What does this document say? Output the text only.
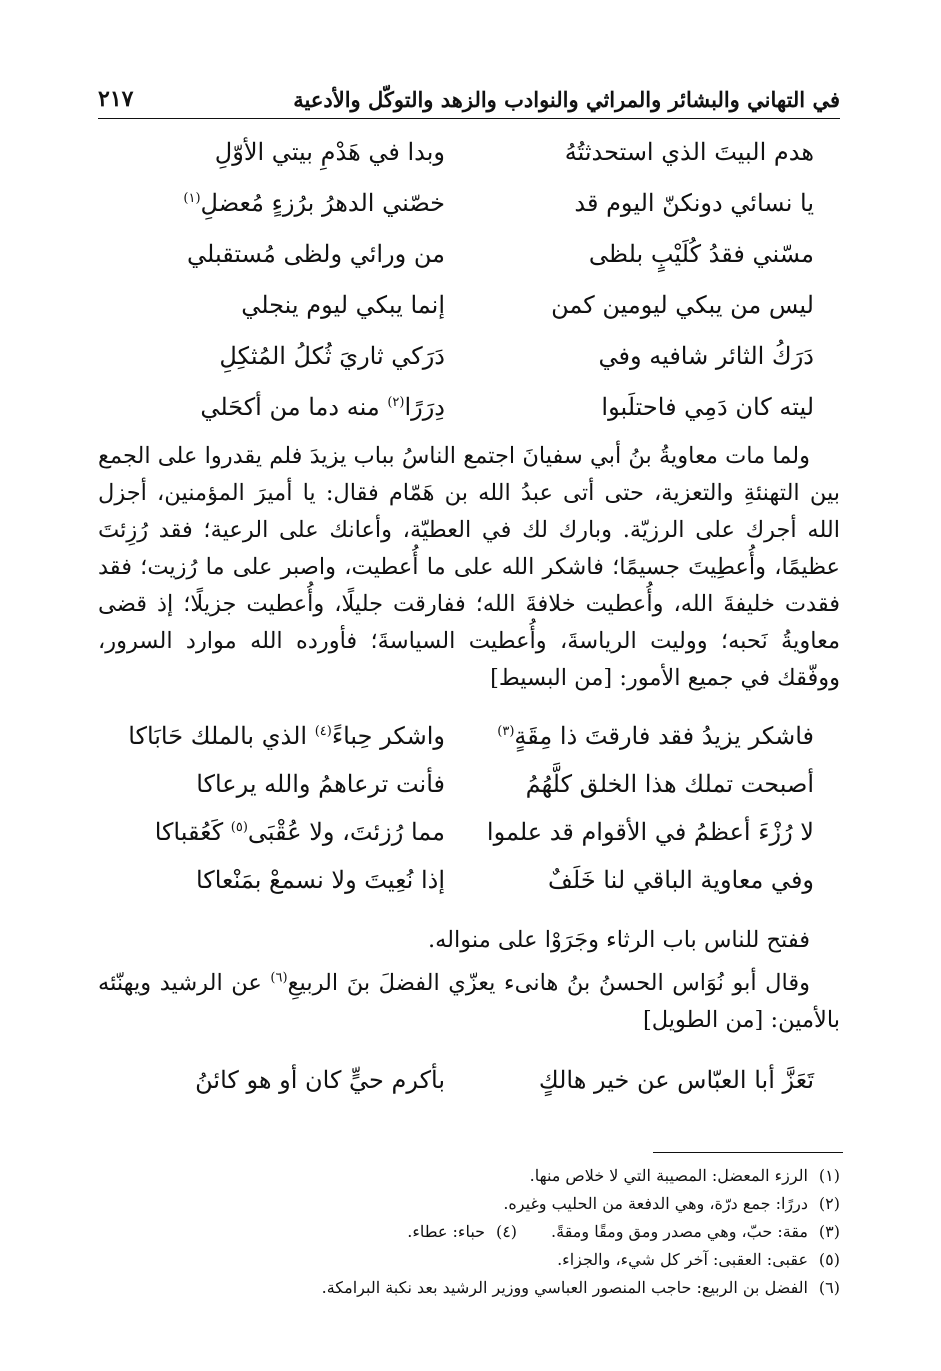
في التهاني والبشائر والمراثي والنوادب والزهد والتوكّل والأدعية
٢١٧
هدم البيتَ الذي استحدثتُهُ
وبدا في هَدْمِ بيتي الأوّلِ
يا نسائي دونكنّ اليوم قد
خصّني الدهرُ برُزءٍ مُعضلِ$^{(١)}$
مسّني فقدُ كُلَيْبٍ بلظى
من ورائي ولظى مُستقبلي
ليس من يبكي ليومين كمن
إنما يبكي ليوم ينجلي
دَرَكُ الثائر شافيه وفي
دَرَكي ثاريَ ثُكلُ المُثكِلِ
ليته كان دَمِي فاحتلَبوا
دِرَرًا$^{(٢)}$ منه دما من أكحَلي

ولما مات معاويةُ بنُ أبي سفيانَ اجتمع الناسُ بباب يزيدَ فلم يقدروا على الجمع بين التهنئةِ والتعزية، حتى أتى عبدُ الله بن هَمّام فقال: يا أميرَ المؤمنين، أجزل الله أجرك على الرزيّة. وبارك لك في العطيّة، وأعانك على الرعية؛ فقد رُزِئتَ عظيمًا، وأُعطِيتَ جسيمًا؛ فاشكر الله على ما أُعطيت، واصبر على ما رُزيت؛ فقد فقدت خليفةَ الله، وأُعطيت خلافةَ الله؛ ففارقت جليلًا، وأُعطيت جزيلًا؛ إذ قضى معاويةُ نَحبه؛ ووليت الرياسةَ، وأُعطيت السياسةَ؛ فأورده الله موارد السرور، ووفّقك في جميع الأمور: [من البسيط]

فاشكر يزيدُ فقد فارقتَ ذا مِقَةٍ$^{(٣)}$
واشكر حِباءً$^{(٤)}$ الذي بالملك حَابَاكا
أصبحت تملك هذا الخلق كلَّهُمُ
فأنت ترعاهمُ والله يرعاكا
لا رُزْءَ أعظمُ في الأقوام قد علموا
مما رُزئتَ، ولا عُقْبَى$^{(٥)}$ كَعُقباكا
وفي معاوية الباقي لنا خَلَفٌ
إذا نُعِيتَ ولا نسمعْ بمَنْعاكا

ففتح للناس باب الرثاء وجَرَوْا على منواله.

وقال أبو نُوَاس الحسنُ بنُ هانىء يعزّي الفضلَ بنَ الربيعِ$^{(٦)}$ عن الرشيد ويهنّئه بالأمين: [من الطويل]

تَعَزَّ أبا العبّاس عن خير هالكٍ
بأكرم حيٍّ كان أو هو كائنُ
(١)الرزء المعضل: المصيبة التي لا خلاص منها.
(٢)دررًا: جمع درّة، وهي الدفعة من الحليب وغيره.
(٣)مقة: حبّ، وهي مصدر ومق ومقًا ومقةً.(٤)حباء: عطاء.
(٥)عقبى: العقبى: آخر كل شيء، والجزاء.
(٦)الفضل بن الربيع: حاجب المنصور العباسي ووزير الرشيد بعد نكبة البرامكة.
